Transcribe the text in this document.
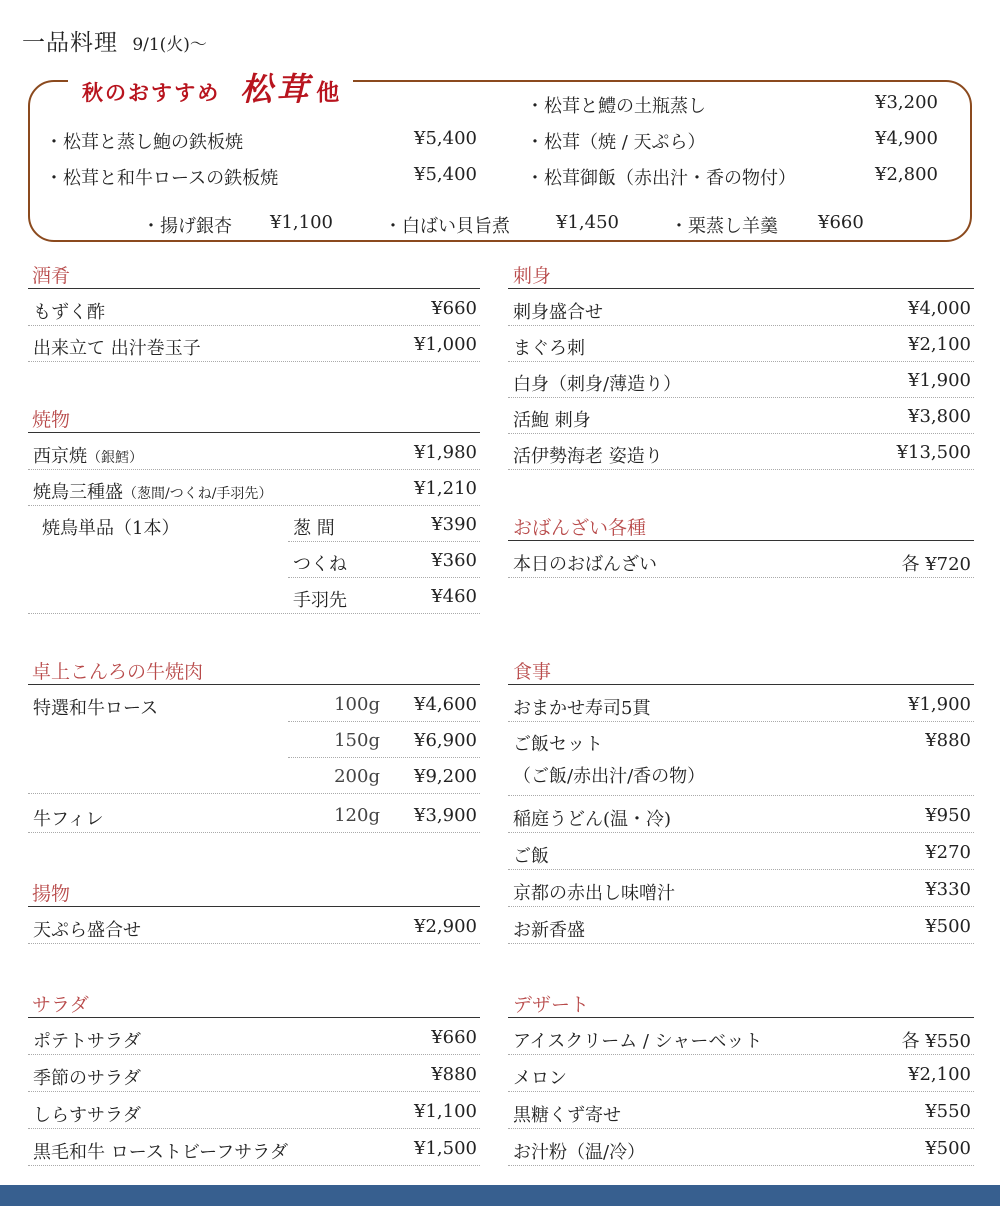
一品料理 9/1(火)～
秋のおすすめ 松茸 他
・松茸と蒸し鮑の鉄板焼	¥5,400
・松茸と和牛ロースの鉄板焼	¥5,400
・松茸と鱧の土瓶蒸し	¥3,200
・松茸（焼 / 天ぷら）	¥4,900
・松茸御飯（赤出汁・香の物付）	¥2,800
・揚げ銀杏 ¥1,100	・白ばい貝旨煮	¥1,450	・栗蒸し羊羹 ¥660
酒肴
もずく酢	¥660
出来立て 出汁巻玉子	¥1,000
焼物
西京焼（銀鱈）	¥1,980
焼鳥三種盛（葱間/つくね/手羽先）	¥1,210
焼鳥単品（1本）	葱 間	¥390
つくね	¥360
手羽先	¥460
卓上こんろの牛焼肉
特選和牛ロース	100g ¥4,600
150g ¥6,900
200g ¥9,200
牛フィレ	120g ¥3,900
揚物
天ぷら盛合せ	¥2,900
サラダ
ポテトサラダ	¥660
季節のサラダ	¥880
しらすサラダ	¥1,100
黒毛和牛 ローストビーフサラダ	¥1,500
刺身
刺身盛合せ	¥4,000
まぐろ刺	¥2,100
白身（刺身/薄造り）	¥1,900
活鮑 刺身	¥3,800
活伊勢海老 姿造り	¥13,500
おばんざい各種
本日のおばんざい	各 ¥720
食事
おまかせ寿司5貫	¥1,900
ご飯セット
（ご飯/赤出汁/香の物）
¥880
稲庭うどん(温・冷)	¥950
ご飯	¥270
京都の赤出し味噌汁	¥330
お新香盛	¥500
デザート
アイスクリーム / シャーベット	各 ¥550
メロン	¥2,100
黒糖くず寄せ	¥550
お汁粉（温/冷）	¥500
